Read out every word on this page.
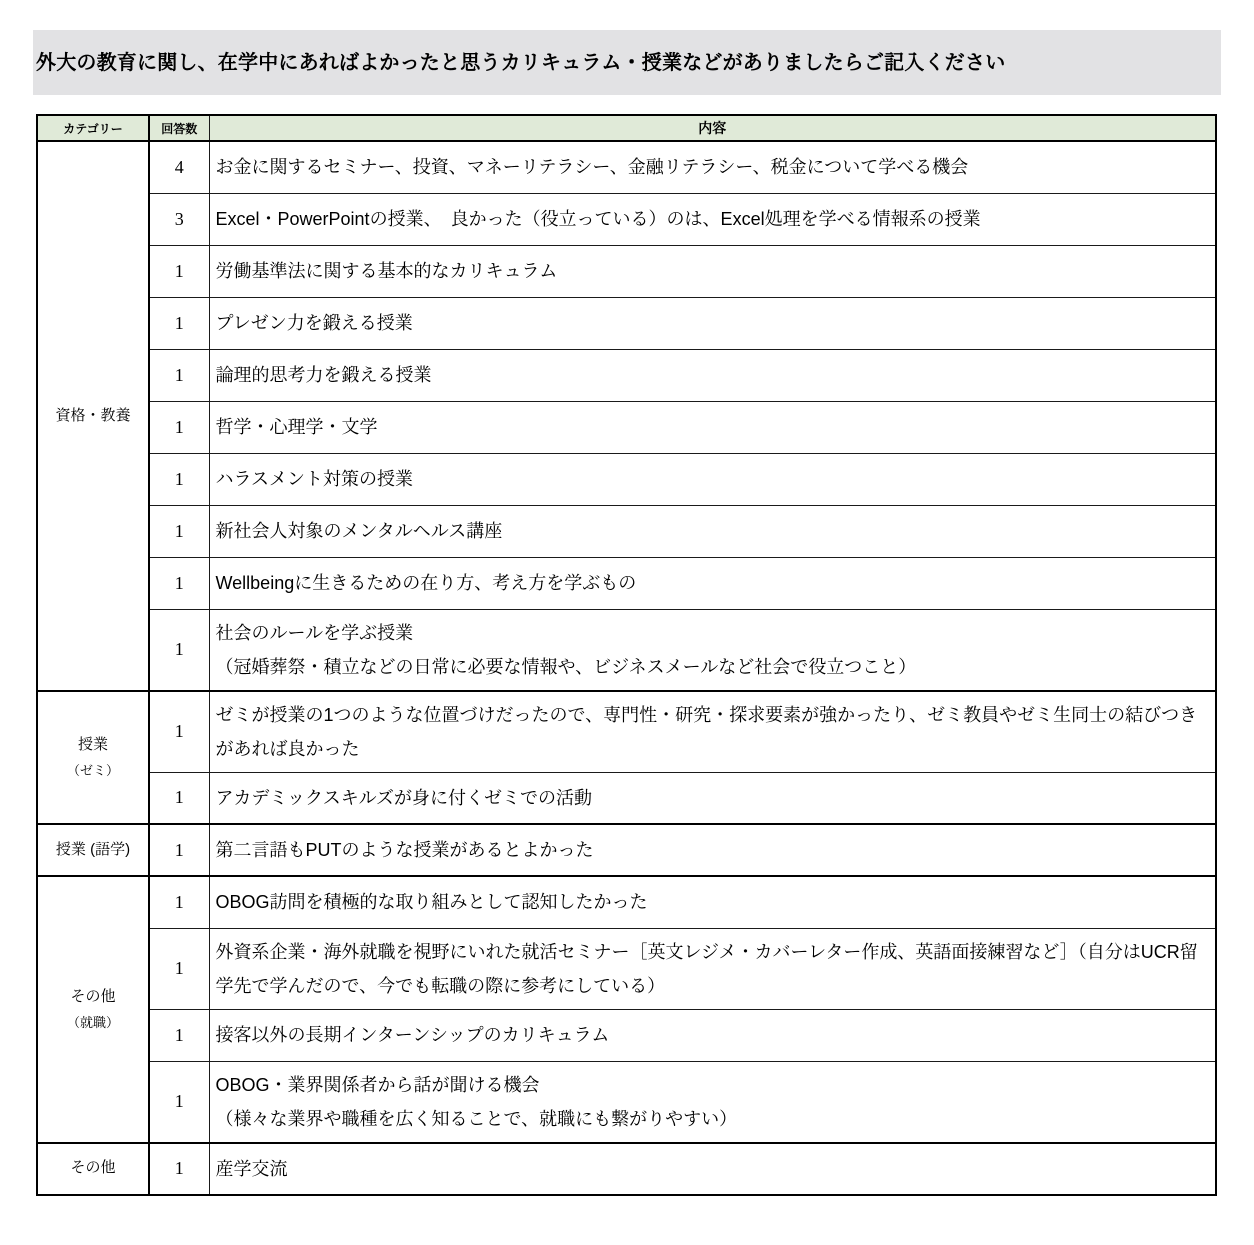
外大の教育に関し、在学中にあればよかったと思うカリキュラム・授業などがありましたらご記入ください
カテゴリー	回答数	内容

資格・教養	4	お金に関するセミナー、投資、マネーリテラシー、金融リテラシー、税金について学べる機会

	3	Excel・PowerPointの授業、　良かった（役立っている）のは、Excel処理を学べる情報系の授業

	1	労働基準法に関する基本的なカリキュラム

	1	プレゼン力を鍛える授業

	1	論理的思考力を鍛える授業

	1	哲学・心理学・文学

	1	ハラスメント対策の授業

	1	新社会人対象のメンタルヘルス講座

	1	Wellbeingに生きるための在り方、考え方を学ぶもの

	1	社会のルールを学ぶ授業
（冠婚葬祭・積立などの日常に必要な情報や、ビジネスメールなど社会で役立つこと）

授業
（ゼミ）	1	ゼミが授業の1つのような位置づけだったので、専門性・研究・探求要素が強かったり、ゼミ教員やゼミ生同士の結びつきがあれば良かった

	1	アカデミックスキルズが身に付くゼミでの活動

授業 (語学)	1	第二言語もPUTのような授業があるとよかった

その他
（就職）	1	OBOG訪問を積極的な取り組みとして認知したかった

	1	外資系企業・海外就職を視野にいれた就活セミナー［英文レジメ・カバーレター作成、英語面接練習など］（自分はUCR留学先で学んだので、今でも転職の際に参考にしている）

	1	接客以外の長期インターンシップのカリキュラム

	1	OBOG・業界関係者から話が聞ける機会
（様々な業界や職種を広く知ることで、就職にも繋がりやすい）

その他	1	産学交流
